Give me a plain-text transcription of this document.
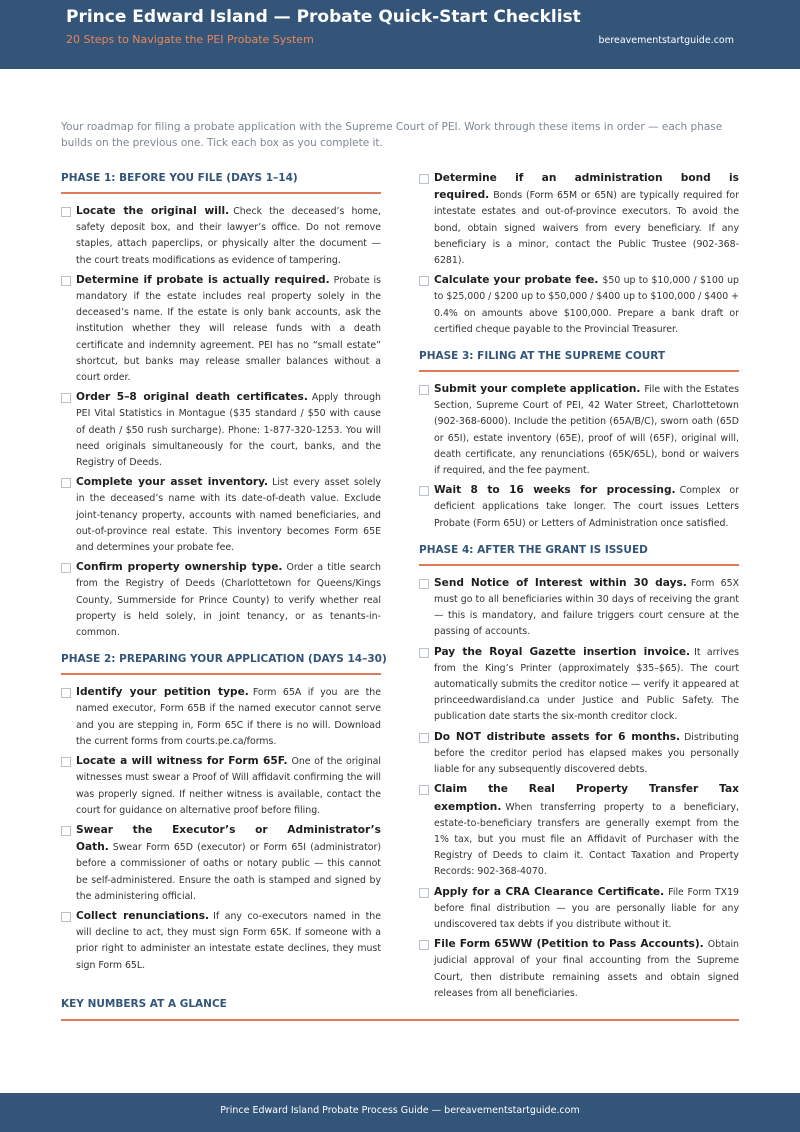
Prince Edward Island — Probate Quick-Start Checklist
20 Steps to Navigate the PEI Probate System	bereavementstartguide.com
Your roadmap for filing a probate application with the Supreme Court of PEI. Work through these items in order — each phase builds on the previous one. Tick each box as you complete it.
PHASE 1: BEFORE YOU FILE (DAYS 1–14)
Locate the original will. Check the deceased’s home, safety deposit box, and their lawyer’s office. Do not remove staples, attach paperclips, or physically alter the document — the court treats modifications as evidence of tampering.
Determine if probate is actually required. Probate is mandatory if the estate includes real property solely in the deceased’s name. If the estate is only bank accounts, ask the institution whether they will release funds with a death certificate and indemnity agreement. PEI has no “small estate” shortcut, but banks may release smaller balances without a court order.
Order 5–8 original death certificates. Apply through PEI Vital Statistics in Montague ($35 standard / $50 with cause of death / $50 rush surcharge). Phone: 1-877-320-1253. You will need originals simultaneously for the court, banks, and the Registry of Deeds.
Complete your asset inventory. List every asset solely in the deceased’s name with its date-of-death value. Exclude joint-tenancy property, accounts with named beneficiaries, and out-of-province real estate. This inventory becomes Form 65E and determines your probate fee.
Confirm property ownership type. Order a title search from the Registry of Deeds (Charlottetown for Queens/Kings County, Summerside for Prince County) to verify whether real property is held solely, in joint tenancy, or as tenants-in-common.
PHASE 2: PREPARING YOUR APPLICATION (DAYS 14–30)
Identify your petition type. Form 65A if you are the named executor, Form 65B if the named executor cannot serve and you are stepping in, Form 65C if there is no will. Download the current forms from courts.pe.ca/forms.
Locate a will witness for Form 65F. One of the original witnesses must swear a Proof of Will affidavit confirming the will was properly signed. If neither witness is available, contact the court for guidance on alternative proof before filing.
Swear the Executor’s or Administrator’s Oath. Swear Form 65D (executor) or Form 65I (administrator) before a commissioner of oaths or notary public — this cannot be self-administered. Ensure the oath is stamped and signed by the administering official.
Collect renunciations. If any co-executors named in the will decline to act, they must sign Form 65K. If someone with a prior right to administer an intestate estate declines, they must sign Form 65L.
Determine if an administration bond is required. Bonds (Form 65M or 65N) are typically required for intestate estates and out-of-province executors. To avoid the bond, obtain signed waivers from every beneficiary. If any beneficiary is a minor, contact the Public Trustee (902-368-6281).
Calculate your probate fee. $50 up to $10,000 / $100 up to $25,000 / $200 up to $50,000 / $400 up to $100,000 / $400 + 0.4% on amounts above $100,000. Prepare a bank draft or certified cheque payable to the Provincial Treasurer.
PHASE 3: FILING AT THE SUPREME COURT
Submit your complete application. File with the Estates Section, Supreme Court of PEI, 42 Water Street, Charlottetown (902-368-6000). Include the petition (65A/B/C), sworn oath (65D or 65I), estate inventory (65E), proof of will (65F), original will, death certificate, any renunciations (65K/65L), bond or waivers if required, and the fee payment.
Wait 8 to 16 weeks for processing. Complex or deficient applications take longer. The court issues Letters Probate (Form 65U) or Letters of Administration once satisfied.
PHASE 4: AFTER THE GRANT IS ISSUED
Send Notice of Interest within 30 days. Form 65X must go to all beneficiaries within 30 days of receiving the grant — this is mandatory, and failure triggers court censure at the passing of accounts.
Pay the Royal Gazette insertion invoice. It arrives from the King’s Printer (approximately $35–$65). The court automatically submits the creditor notice — verify it appeared at princeedwardisland.ca under Justice and Public Safety. The publication date starts the six-month creditor clock.
Do NOT distribute assets for 6 months. Distributing before the creditor period has elapsed makes you personally liable for any subsequently discovered debts.
Claim the Real Property Transfer Tax exemption. When transferring property to a beneficiary, estate-to-beneficiary transfers are generally exempt from the 1% tax, but you must file an Affidavit of Purchaser with the Registry of Deeds to claim it. Contact Taxation and Property Records: 902-368-4070.
Apply for a CRA Clearance Certificate. File Form TX19 before final distribution — you are personally liable for any undiscovered tax debts if you distribute without it.
File Form 65WW (Petition to Pass Accounts). Obtain judicial approval of your final accounting from the Supreme Court, then distribute remaining assets and obtain signed releases from all beneficiaries.
KEY NUMBERS AT A GLANCE
Prince Edward Island Probate Process Guide — bereavementstartguide.com
